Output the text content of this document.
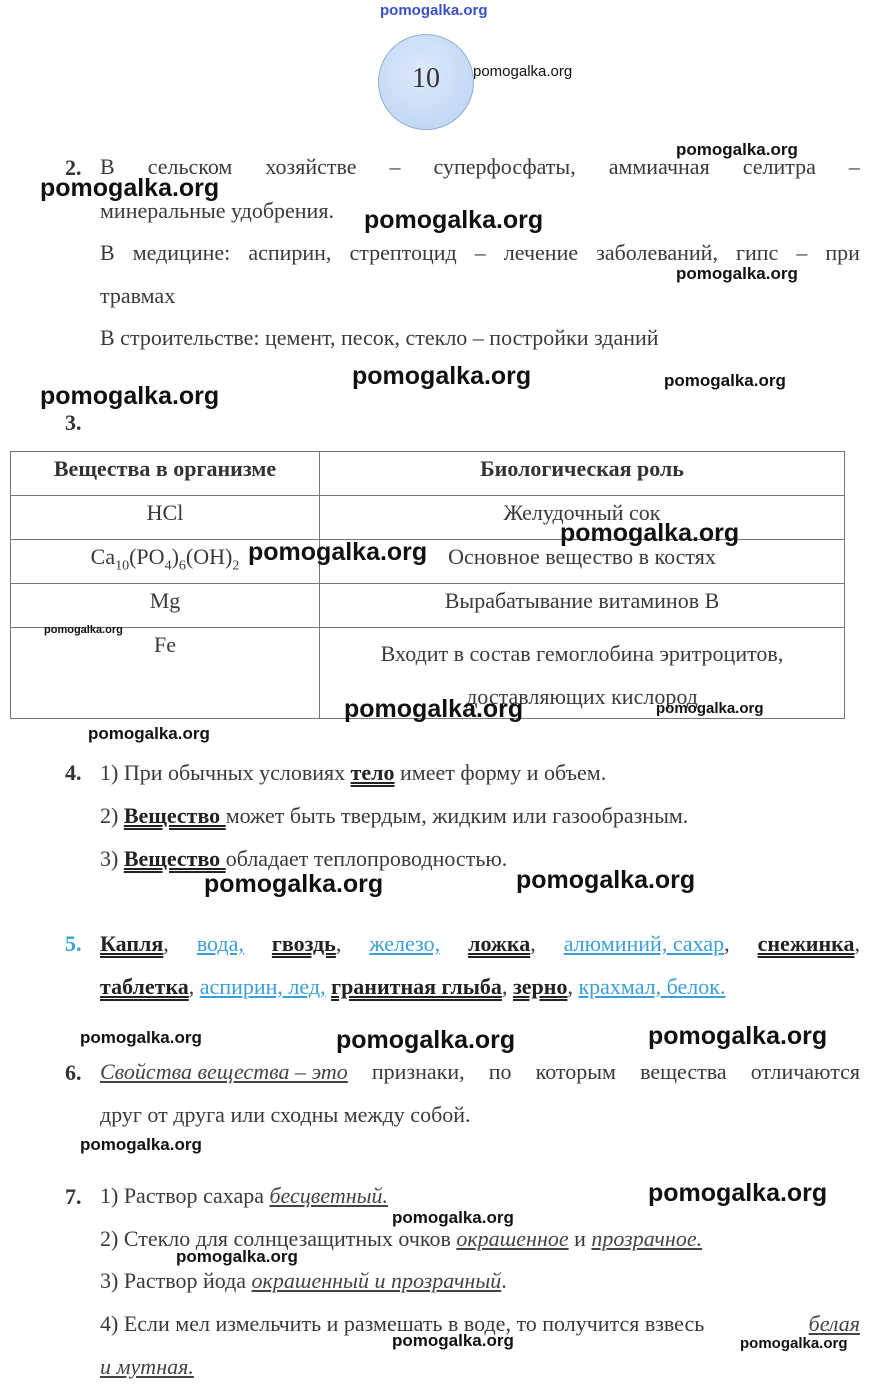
pomogalka.org
10
2. В сельском хозяйстве – суперфосфаты, аммиачная селитра –
минеральные удобрения.
В медицине: аспирин, стрептоцид – лечение заболеваний, гипс – при
травмах
В строительстве: цемент, песок, стекло – постройки зданий
3.
Вещества в организме	Биологическая роль
HCl	Желудочный сок
$Ca_{10}(PO_4)_6(OH)_2$	Основное вещество в костях
Mg	Вырабатывание витаминов В
Fe	Входит в состав гемоглобина эритроцитов,
доставляющих кислород
4. 1) При обычных условиях тело имеет форму и объем.
2) Вещество может быть твердым, жидким или газообразным.
3) Вещество обладает теплопроводностью.
5. Капля, вода, гвоздь, железо, ложка, алюминий, сахар, снежинка,
таблетка, аспирин, лед, гранитная глыба, зерно, крахмал, белок.
6. Свойства вещества – это признаки, по которым вещества отличаются
друг от друга или сходны между собой.
7. 1) Раствор сахара бесцветный.
2) Стекло для солнцезащитных очков окрашенное и прозрачное.
3) Раствор йода окрашенный и прозрачный.
4) Если мел измельчить и размешать в воде, то получится взвесь	белая
и мутная.
pomogalka.org
pomogalka.org
pomogalka.org
pomogalka.org
pomogalka.org
pomogalka.org	pomogalka.org
pomogalka.org
pomogalka.org
pomogalka.org
pomogalka.org
pomogalka.org	pomogalka.org
pomogalka.org
pomogalka.org	pomogalka.org
pomogalka.org	pomogalka.org	pomogalka.org
pomogalka.org
pomogalka.org
pomogalka.org
pomogalka.org
pomogalka.org	pomogalka.org
